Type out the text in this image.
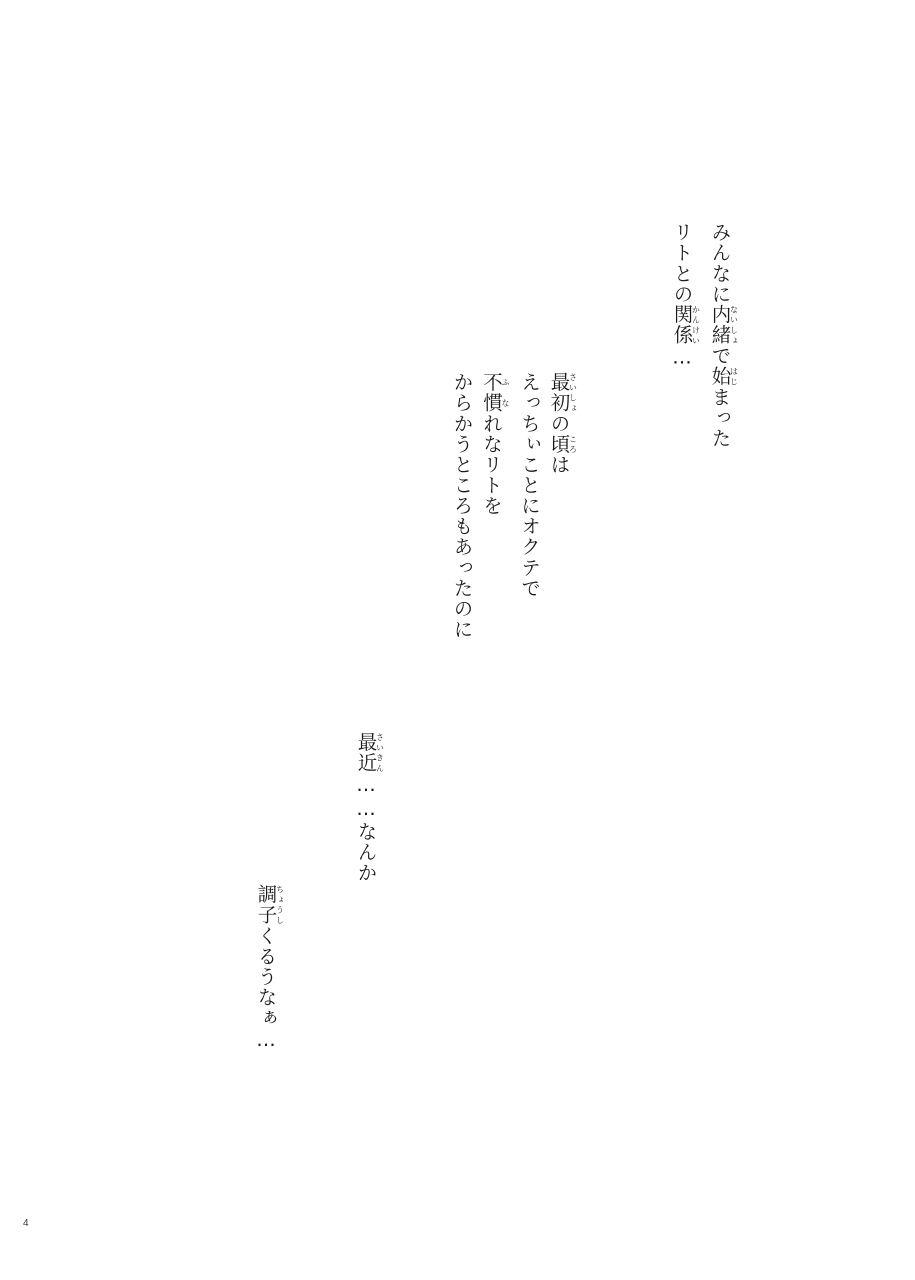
みんなに内緒ないしょで始はじまった
リトとの関係かんけい…
最初さいしょの頃ころは
えっちぃことにオクテで
不慣ふなれなリトを
からかうところもあったのに
最近さいきん……なんか
調子ちょうしくるうなぁ…
4
